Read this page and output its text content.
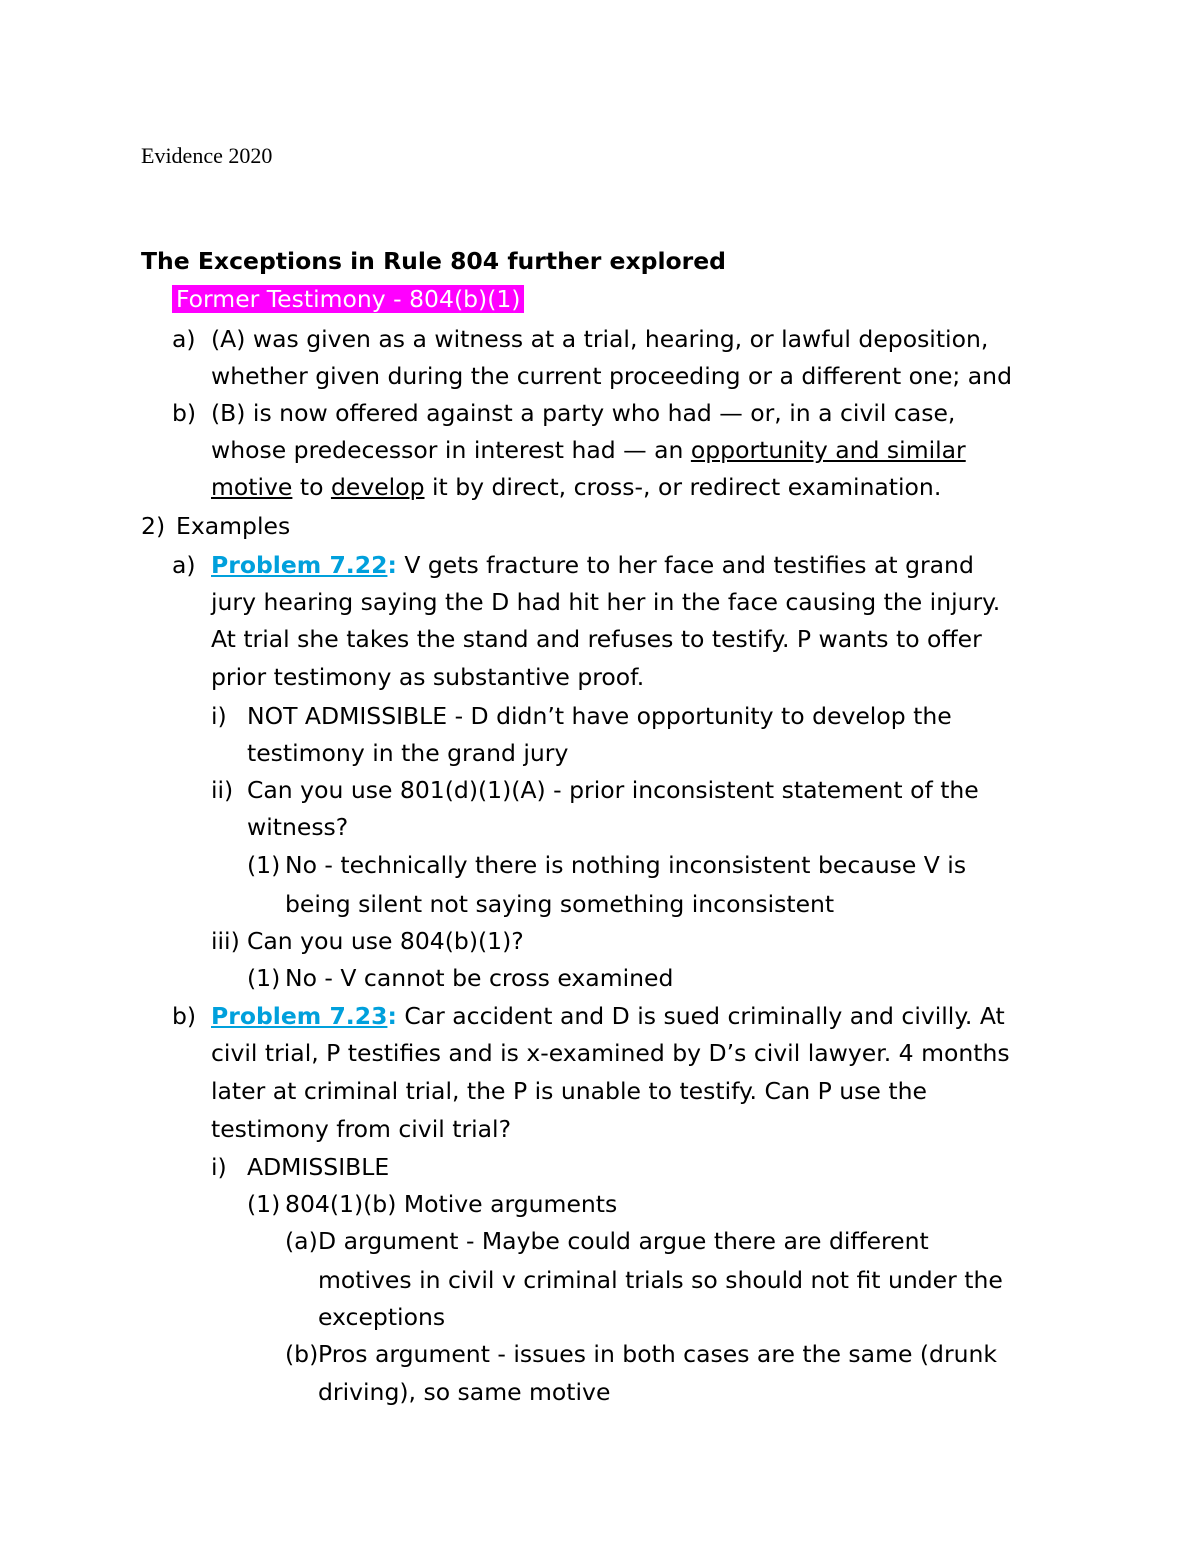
Evidence 2020
The Exceptions in Rule 804 further explored
Former Testimony - 804(b)(1)
a) (A) was given as a witness at a trial, hearing, or lawful deposition,
whether given during the current proceeding or a different one; and
b) (B) is now offered against a party who had — or, in a civil case,
whose predecessor in interest had — an opportunity and similar
motive to develop it by direct, cross-, or redirect examination.
2) Examples
a) Problem 7.22: V gets fracture to her face and testifies at grand
jury hearing saying the D had hit her in the face causing the injury.
At trial she takes the stand and refuses to testify. P wants to offer
prior testimony as substantive proof.
i) NOT ADMISSIBLE - D didn’t have opportunity to develop the
testimony in the grand jury
ii) Can you use 801(d)(1)(A) - prior inconsistent statement of the
witness?
(1) No - technically there is nothing inconsistent because V is
being silent not saying something inconsistent
iii) Can you use 804(b)(1)?
(1) No - V cannot be cross examined
b) Problem 7.23: Car accident and D is sued criminally and civilly. At
civil trial, P testifies and is x-examined by D’s civil lawyer. 4 months
later at criminal trial, the P is unable to testify. Can P use the
testimony from civil trial?
i) ADMISSIBLE
(1) 804(1)(b) Motive arguments
(a) D argument - Maybe could argue there are different
motives in civil v criminal trials so should not fit under the
exceptions
(b) Pros argument - issues in both cases are the same (drunk
driving), so same motive
